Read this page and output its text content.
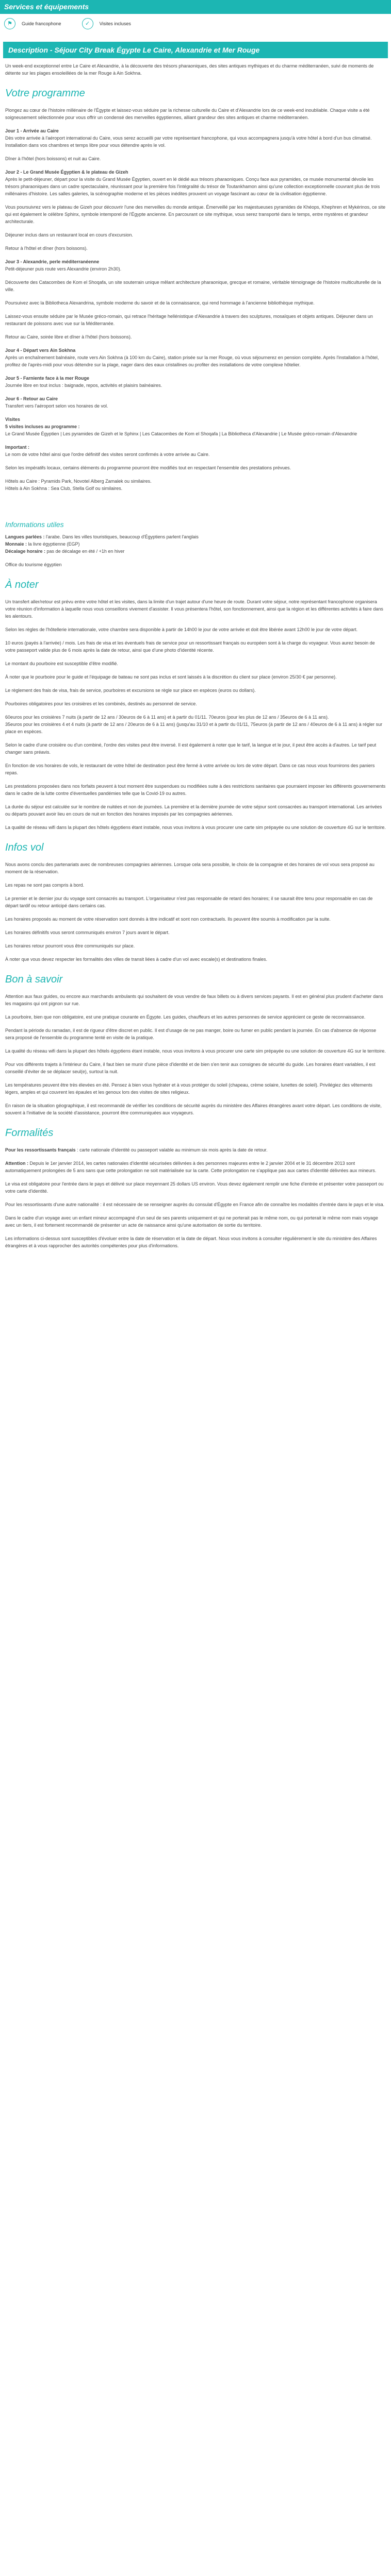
Services et équipements
⚑	Guide francophone	✓	Visites incluses
Description - Séjour City Break Égypte Le Caire, Alexandrie et Mer Rouge

Un week-end exceptionnel entre Le Caire et Alexandrie, à la découverte des trésors pharaoniques, des sites antiques mythiques et du charme méditerranéen, suivi de moments de détente sur les plages ensoleillées de la mer Rouge à Ain Sokhna.

Votre programme

Plongez au cœur de l'histoire millénaire de l'Égypte et laissez-vous séduire par la richesse culturelle du Caire et d'Alexandrie lors de ce week-end inoubliable. Chaque visite a été soigneusement sélectionnée pour vous offrir un condensé des merveilles égyptiennes, alliant grandeur des sites antiques et charme méditerranéen.

Jour 1 - Arrivée au Caire

Dès votre arrivée à l'aéroport international du Caire, vous serez accueilli par votre représentant francophone, qui vous accompagnera jusqu'à votre hôtel à bord d'un bus climatisé. Installation dans vos chambres et temps libre pour vous détendre après le vol.

Dîner à l'hôtel (hors boissons) et nuit au Caire.

Jour 2 - Le Grand Musée Égyptien & le plateau de Gizeh

Après le petit-déjeuner, départ pour la visite du Grand Musée Égyptien, ouvert en lé dédié aux trésors pharaoniques. Conçu face aux pyramides, ce musée monumental dévoile les trésors pharaoniques dans un cadre spectaculaire, réunissant pour la première fois l'intégralité du trésor de Toutankhamon ainsi qu'une collection exceptionnelle couvrant plus de trois millénaires d'histoire. Les salles galeries, la scénographie moderne et les pièces inédites prouvent un voyage fascinant au cœur de la civilisation égyptienne.

Vous poursuivrez vers le plateau de Gizeh pour découvrir l'une des merveilles du monde antique. Émerveillé par les majestueuses pyramides de Khéops, Khephren et Mykérinos, ce site qui est également le célèbre Sphinx, symbole intemporel de l'Égypte ancienne. En parcourant ce site mythique, vous serez transporté dans le temps, entre mystères et grandeur architecturale.

Déjeuner inclus dans un restaurant local en cours d'excursion.

Retour à l'hôtel et dîner (hors boissons).

Jour 3 - Alexandrie, perle méditerranéenne

Petit-déjeuner puis route vers Alexandrie (environ 2h30).

Découverte des Catacombes de Kom el Shoqafa, un site souterrain unique mêlant architecture pharaonique, grecque et romaine, véritable témoignage de l'histoire multiculturelle de la ville.

Poursuivez avec la Bibliotheca Alexandrina, symbole moderne du savoir et de la connaissance, qui rend hommage à l'ancienne bibliothèque mythique.

Laissez-vous ensuite séduire par le Musée gréco-romain, qui retrace l'héritage hellénistique d'Alexandrie à travers des sculptures, mosaïques et objets antiques. Déjeuner dans un restaurant de poissons avec vue sur la Méditerranée.

Retour au Caire, soirée libre et dîner à l'hôtel (hors boissons).

Jour 4 - Départ vers Ain Sokhna

Après un enchaînement balnéaire, route vers Ain Sokhna (à 100 km du Caire), station prisée sur la mer Rouge, où vous séjournerez en pension complète. Après l'installation à l'hôtel, profitez de l'après-midi pour vous détendre sur la plage, nager dans des eaux cristallines ou profiter des installations de votre complexe hôtelier.

Jour 5 - Farniente face à la mer Rouge

Journée libre en tout inclus : baignade, repos, activités et plaisirs balnéaires.

Jour 6 - Retour au Caire

Transfert vers l'aéroport selon vos horaires de vol.

Visites
5 visites incluses au programme :
Le Grand Musée Égyptien | Les pyramides de Gizeh et le Sphinx | Les Catacombes de Kom el Shoqafa | La Bibliotheca d'Alexandrie | Le Musée gréco-romain d'Alexandrie
Important :

Le nom de votre hôtel ainsi que l'ordre définitif des visites seront confirmés à votre arrivée au Caire.

Selon les impératifs locaux, certains éléments du programme pourront être modifiés tout en respectant l'ensemble des prestations prévues.

Hôtels au Caire : Pyramids Park, Novotel Alberg Zamalek ou similaires.
Hôtels à Ain Sokhna : Sea Club, Stella Golf ou similaires.

Informations utiles
Langues parlées : l'arabe. Dans les villes touristiques, beaucoup d'Égyptiens parlent l'anglais
Monnaie : la livre égyptienne (EGP)
Décalage horaire : pas de décalage en été / +1h en hiver
Office du tourisme égyptien
À noter

Un transfert aller/retour est prévu entre votre hôtel et les visites, dans la limite d'un trajet autour d'une heure de route. Durant votre séjour, notre représentant francophone organisera votre réunion d'information à laquelle nous vous conseillons vivement d'assister. Il vous présentera l'hôtel, son fonctionnement, ainsi que la région et les différentes activités à faire dans les alentours.

Selon les règles de l'hôtellerie internationale, votre chambre sera disponible à partir de 14h00 le jour de votre arrivée et doit être libérée avant 12h00 le jour de votre départ.

10 euros (payés à l'arrivée) / mois. Les frais de visa et les éventuels frais de service pour un ressortissant français ou européen sont à la charge du voyageur. Vous aurez besoin de votre passeport valide plus de 6 mois après la date de retour, ainsi que d'une photo d'identité récente.

Le montant du pourboire est susceptible d'être modifié.

À noter que le pourboire pour le guide et l'équipage de bateau ne sont pas inclus et sont laissés à la discrétion du client sur place (environ 25/30 € par personne).

Le règlement des frais de visa, frais de service, pourboires et excursions se règle sur place en espèces (euros ou dollars).

Pourboires obligatoires pour les croisières et les combinés, destinés au personnel de service.

60euros pour les croisières 7 nuits (à partir de 12 ans / 30euros de 6 à 11 ans) et à partir du 01/11. 70euros (pour les plus de 12 ans / 35euros de 6 à 11 ans).
35euros pour les croisières 4 et 4 nuits (à partir de 12 ans / 20euros de 6 à 11 ans) (jusqu'au 31/10 et à partir du 01/11, 75euros (à partir de 12 ans / 40euros de 6 à 11 ans) à régler sur place en espèces.

Selon le cadre d'une croisière ou d'un combiné, l'ordre des visites peut être inversé. Il est également à noter que le tarif, la langue et le jour, il peut être accès à d'autres. Le tarif peut changer sans préavis.

En fonction de vos horaires de vols, le restaurant de votre hôtel de destination peut être fermé à votre arrivée ou lors de votre départ. Dans ce cas nous vous fournirons des paniers repas.

Les prestations proposées dans nos forfaits peuvent à tout moment être suspendues ou modifiées suite à des restrictions sanitaires que pourraient imposer les différents gouvernements dans le cadre de la lutte contre d'éventuelles pandémies telle que la Covid-19 ou autres.

La durée du séjour est calculée sur le nombre de nuitées et non de journées. La première et la dernière journée de votre séjour sont consacrées au transport international. Les arrivées ou départs pouvant avoir lieu en cours de nuit en fonction des horaires imposés par les compagnies aériennes.

La qualité de réseau wifi dans la plupart des hôtels égyptiens étant instable, nous vous invitons à vous procurer une carte sim prépayée ou une solution de couverture 4G sur le territoire.

Infos vol

Nous avons conclu des partenariats avec de nombreuses compagnies aériennes. Lorsque cela sera possible, le choix de la compagnie et des horaires de vol vous sera proposé au moment de la réservation.

Les repas ne sont pas compris à bord.

Le premier et le dernier jour du voyage sont consacrés au transport. L'organisateur n'est pas responsable de retard des horaires; il se saurait être tenu pour responsable en cas de départ tardif ou retour anticipé dans certains cas.

Les horaires proposés au moment de votre réservation sont donnés à titre indicatif et sont non contractuels. Ils peuvent être soumis à modification par la suite.

Les horaires définitifs vous seront communiqués environ 7 jours avant le départ.

Les horaires retour pourront vous être communiqués sur place.

À noter que vous devez respecter les formalités des villes de transit liées à cadre d'un vol avec escale(s) et destinations finales.

Bon à savoir

Attention aux faux guides, ou encore aux marchands ambulants qui souhaitent de vous vendre de faux billets ou à divers services payants. Il est en général plus prudent d'acheter dans les magasins qui ont pignon sur rue.

La pourboire, bien que non obligatoire, est une pratique courante en Égypte. Les guides, chauffeurs et les autres personnes de service apprécient ce geste de reconnaissance.

Pendant la période du ramadan, il est de rigueur d'être discret en public. Il est d'usage de ne pas manger, boire ou fumer en public pendant la journée. En cas d'absence de réponse sera proposé de l'ensemble du programme tenté en visite de la pratique.

La qualité du réseau wifi dans la plupart des hôtels égyptiens étant instable, nous vous invitons à vous procurer une carte sim prépayée ou une solution de couverture 4G sur le territoire.

Pour vos différents trajets à l'intérieur du Caire, il faut bien se munir d'une pièce d'identité et de bien s'en tenir aux consignes de sécurité du guide. Les horaires étant variables, il est conseillé d'éviter de se déplacer seul(e), surtout la nuit.

Les températures peuvent être très élevées en été. Pensez à bien vous hydrater et à vous protéger du soleil (chapeau, crème solaire, lunettes de soleil). Privilégiez des vêtements légers, amples et qui couvrent les épaules et les genoux lors des visites de sites religieux.

En raison de la situation géographique, il est recommandé de vérifier les conditions de sécurité auprès du ministère des Affaires étrangères avant votre départ. Les conditions de visite, souvent à l'initiative de la société d'assistance, pourront être communiquées aux voyageurs.

Formalités

Pour les ressortissants français : carte nationale d'identité ou passeport valable au minimum six mois après la date de retour.

Attention : Depuis le 1er janvier 2014, les cartes nationales d'identité sécurisées délivrées à des personnes majeures entre le 2 janvier 2004 et le 31 décembre 2013 sont automatiquement prolongées de 5 ans sans que cette prolongation ne soit matérialisée sur la carte. Cette prolongation ne s'applique pas aux cartes d'identité délivrées aux mineurs.

Le visa est obligatoire pour l'entrée dans le pays et délivré sur place moyennant 25 dollars US environ. Vous devez également remplir une fiche d'entrée et présenter votre passeport ou votre carte d'identité.

Pour les ressortissants d'une autre nationalité : il est nécessaire de se renseigner auprès du consulat d'Égypte en France afin de connaître les modalités d'entrée dans le pays et le visa.

Dans le cadre d'un voyage avec un enfant mineur accompagné d'un seul de ses parents uniquement et qui ne porterait pas le même nom, ou qui porterait le même nom mais voyage avec un tiers, il est fortement recommandé de présenter un acte de naissance ainsi qu'une autorisation de sortie du territoire.

Les informations ci-dessus sont susceptibles d'évoluer entre la date de réservation et la date de départ. Nous vous invitons à consulter régulièrement le site du ministère des Affaires étrangères et à vous rapprocher des autorités compétentes pour plus d'informations.
